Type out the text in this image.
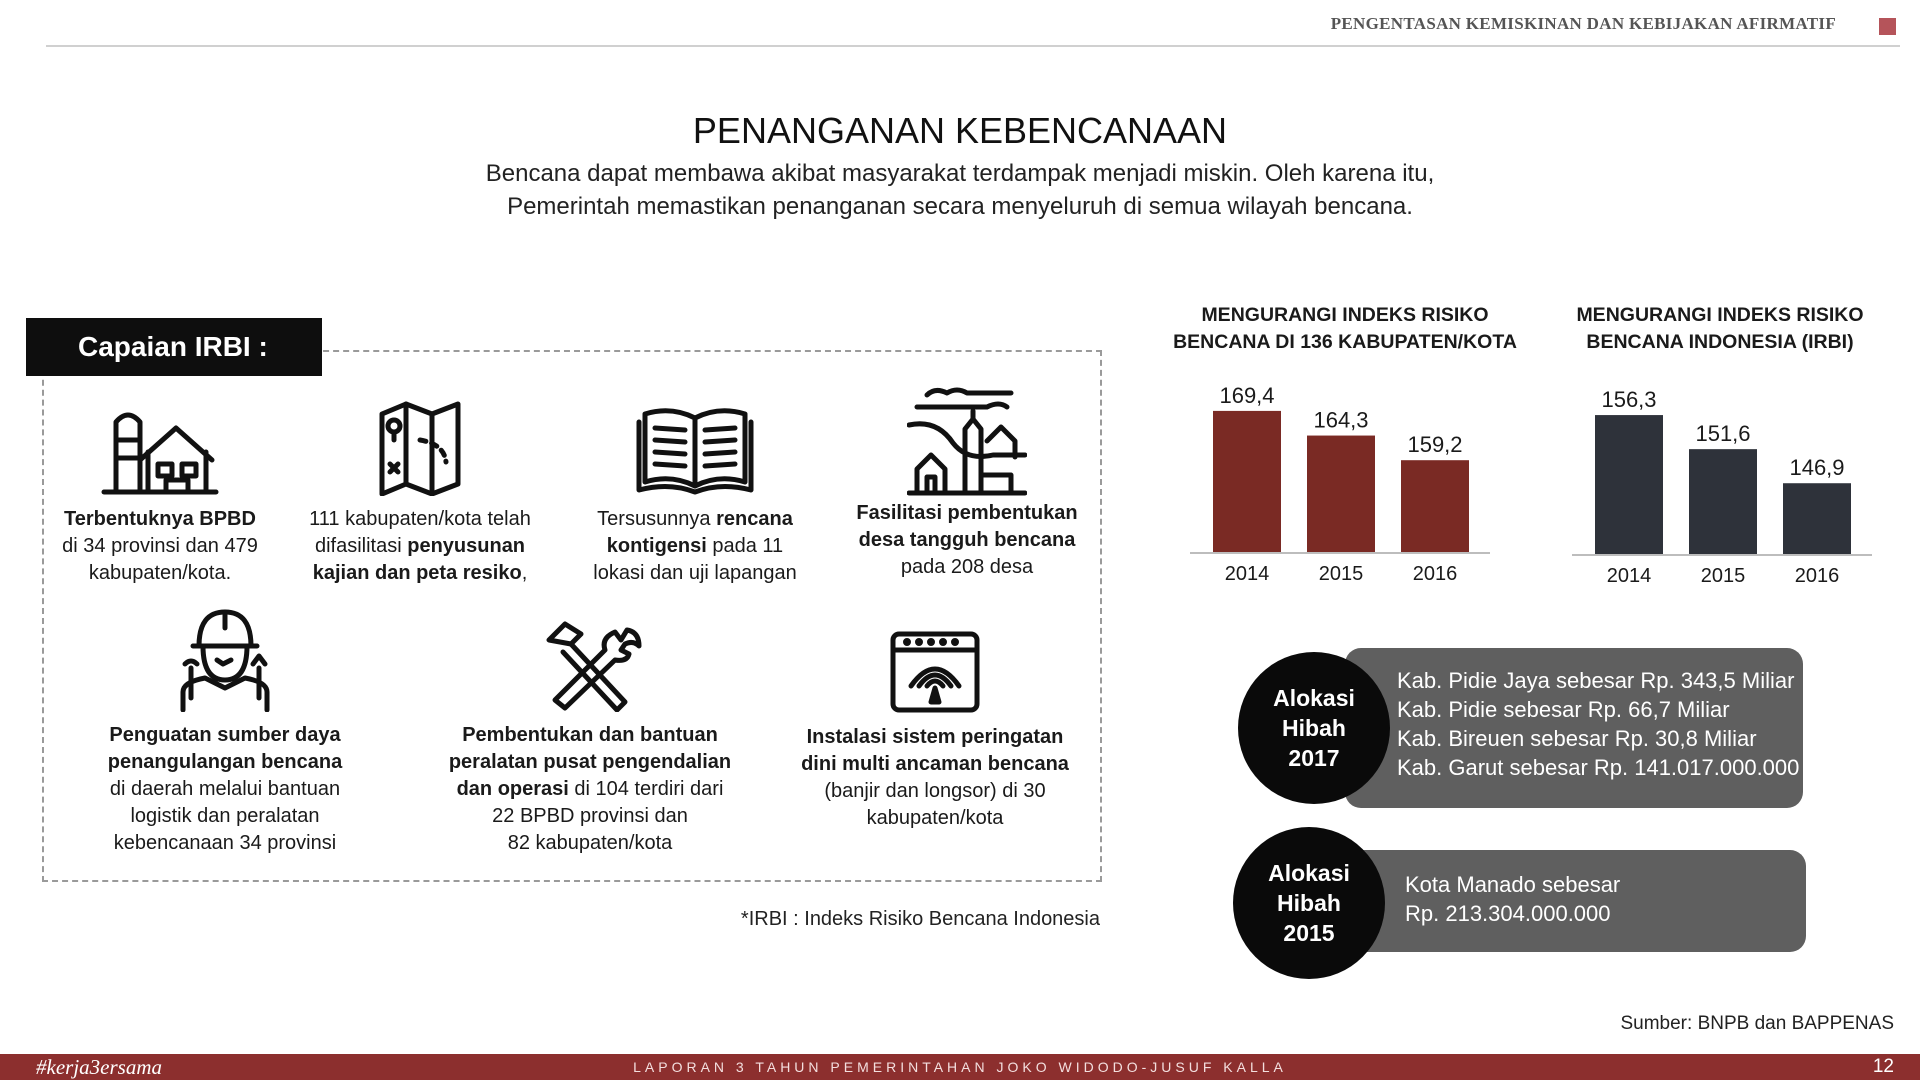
PENGENTASAN KEMISKINAN DAN KEBIJAKAN AFIRMATIF
PENANGANAN KEBENCANAAN
Bencana dapat membawa akibat masyarakat terdampak menjadi miskin. Oleh karena itu,
Pemerintah memastikan penanganan secara menyeluruh di semua wilayah bencana.
Capaian IRBI :
Terbentuknya BPBD
di 34 provinsi dan 479
kabupaten/kota.
111 kabupaten/kota telah
difasilitasi penyusunan
kajian dan peta resiko,
Tersusunnya rencana
kontigensi pada 11
lokasi dan uji lapangan
Fasilitasi pembentukan
desa tangguh bencana
pada 208 desa
Penguatan sumber daya
penangulangan bencana
di daerah melalui bantuan
logistik dan peralatan
kebencanaan 34 provinsi
Pembentukan dan bantuan
peralatan pusat pengendalian
dan operasi di 104 terdiri dari
22 BPBD provinsi dan
82 kabupaten/kota
Instalasi sistem peringatan
dini multi ancaman bencana
(banjir dan longsor) di 30
kabupaten/kota
*IRBI : Indeks Risiko Bencana Indonesia
MENGURANGI INDEKS RISIKO
BENCANA DI 136 KABUPATEN/KOTA
169,4
2014
164,3
2015
159,2
2016
MENGURANGI INDEKS RISIKO
BENCANA INDONESIA (IRBI)
156,3
2014
151,6
2015
146,9
2016
Kab. Pidie Jaya sebesar Rp. 343,5 Miliar
Kab. Pidie sebesar Rp. 66,7 Miliar
Kab. Bireuen sebesar Rp. 30,8 Miliar
Kab. Garut sebesar Rp. 141.017.000.000
Alokasi
Hibah
2017
Kota Manado sebesar
Rp. 213.304.000.000
Alokasi
Hibah
2015
Sumber: BNPB dan BAPPENAS
#kerja3ersama	LAPORAN 3 TAHUN PEMERINTAHAN JOKO WIDODO-JUSUF KALLA	12
